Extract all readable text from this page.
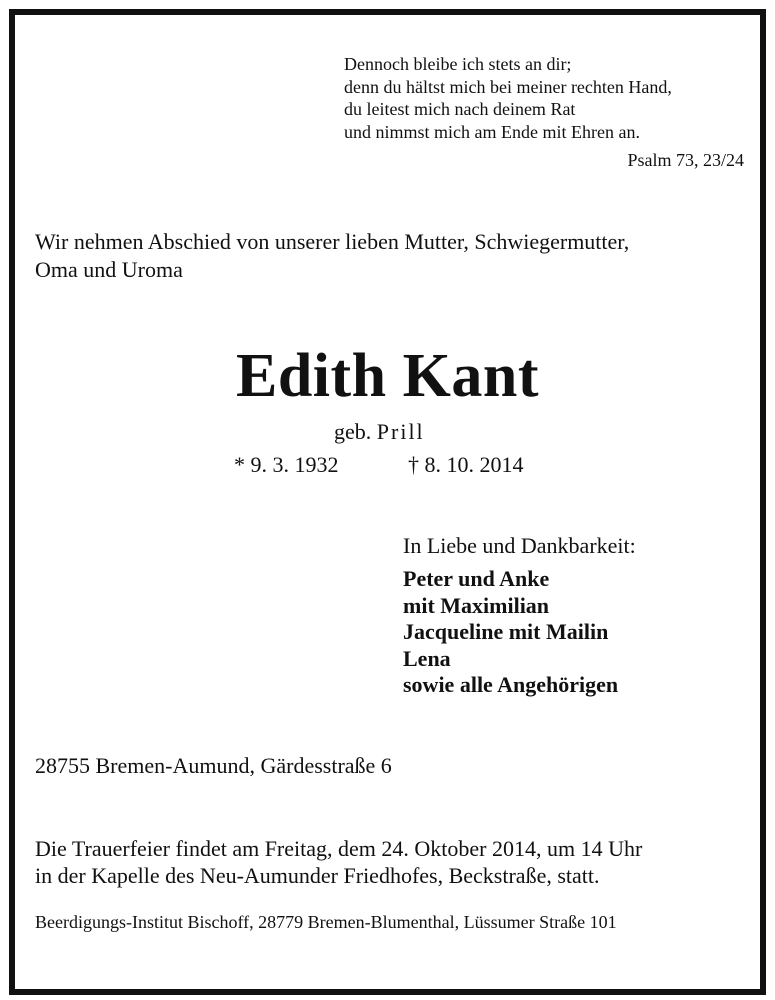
Dennoch bleibe ich stets an dir;
denn du hältst mich bei meiner rechten Hand,
du leitest mich nach deinem Rat
und nimmst mich am Ende mit Ehren an.
Psalm 73, 23/24
Wir nehmen Abschied von unserer lieben Mutter, Schwiegermutter,
Oma und Uroma
Edith Kant
geb. Prill
* 9. 3. 1932	† 8. 10. 2014
In Liebe und Dankbarkeit:
Peter und Anke
mit Maximilian
Jacqueline mit Mailin
Lena
sowie alle Angehörigen
28755 Bremen-Aumund, Gärdesstraße 6
Die Trauerfeier findet am Freitag, dem 24. Oktober 2014, um 14 Uhr
in der Kapelle des Neu-Aumunder Friedhofes, Beckstraße, statt.
Beerdigungs-Institut Bischoff, 28779 Bremen-Blumenthal, Lüssumer Straße 101
